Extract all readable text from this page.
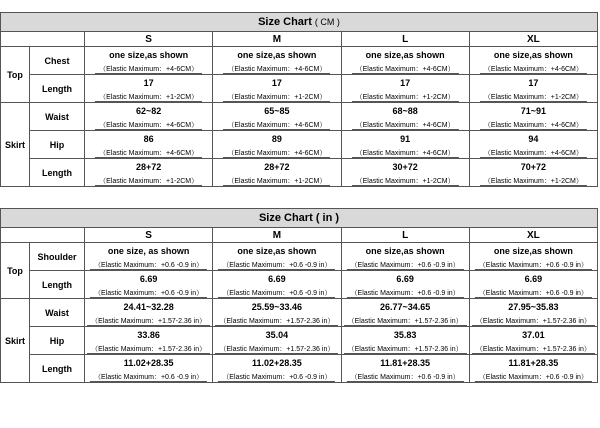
Size Chart ( CM )					
		S	M	L	XL
Top	Chest	one size,as shown	one size,as shown	one size,as shown	one size,as shown
		（Elastic Maximum：+4-6CM）	（Elastic Maximum：+4-6CM）	（Elastic Maximum：+4-6CM）	（Elastic Maximum：+4-6CM）
	Length	17	17	17	17
		（Elastic Maximum：+1-2CM）	（Elastic Maximum：+1-2CM）	（Elastic Maximum：+1-2CM）	（Elastic Maximum：+1-2CM）
Skirt	Waist	62~82	65~85	68~88	71~91
		（Elastic Maximum：+4-6CM）	（Elastic Maximum：+4-6CM）	（Elastic Maximum：+4-6CM）	（Elastic Maximum：+4-6CM）
	Hip	86	89	91	94
		（Elastic Maximum：+4-6CM）	（Elastic Maximum：+4-6CM）	（Elastic Maximum：+4-6CM）	（Elastic Maximum：+4-6CM）
	Length	28+72	28+72	30+72	70+72
		（Elastic Maximum：+1-2CM）	（Elastic Maximum：+1-2CM）	（Elastic Maximum：+1-2CM）	（Elastic Maximum：+1-2CM）
Size Chart ( in )					
		S	M	L	XL
Top	Shoulder	one size, as shown	one size,as shown	one size,as shown	one size,as shown
		（Elastic Maximum：+0.6 -0.9 in）	（Elastic Maximum：+0.6 -0.9 in）	（Elastic Maximum：+0.6 -0.9 in）	（Elastic Maximum：+0.6 -0.9 in）
	Length	6.69	6.69	6.69	6.69
		（Elastic Maximum：+0.6 -0.9 in）	（Elastic Maximum：+0.6 -0.9 in）	（Elastic Maximum：+0.6 -0.9 in）	（Elastic Maximum：+0.6 -0.9 in）
Skirt	Waist	24.41~32.28	25.59~33.46	26.77~34.65	27.95~35.83
		（Elastic Maximum：+1.57-2.36 in）	（Elastic Maximum：+1.57-2.36 in）	（Elastic Maximum：+1.57-2.36 in）	（Elastic Maximum：+1.57-2.36 in）
	Hip	33.86	35.04	35.83	37.01
		（Elastic Maximum：+1.57-2.36 in）	（Elastic Maximum：+1.57-2.36 in）	（Elastic Maximum：+1.57-2.36 in）	（Elastic Maximum：+1.57-2.36 in）
	Length	11.02+28.35	11.02+28.35	11.81+28.35	11.81+28.35
		（Elastic Maximum：+0.6 -0.9 in）	（Elastic Maximum：+0.6 -0.9 in）	（Elastic Maximum：+0.6 -0.9 in）	（Elastic Maximum：+0.6 -0.9 in）
